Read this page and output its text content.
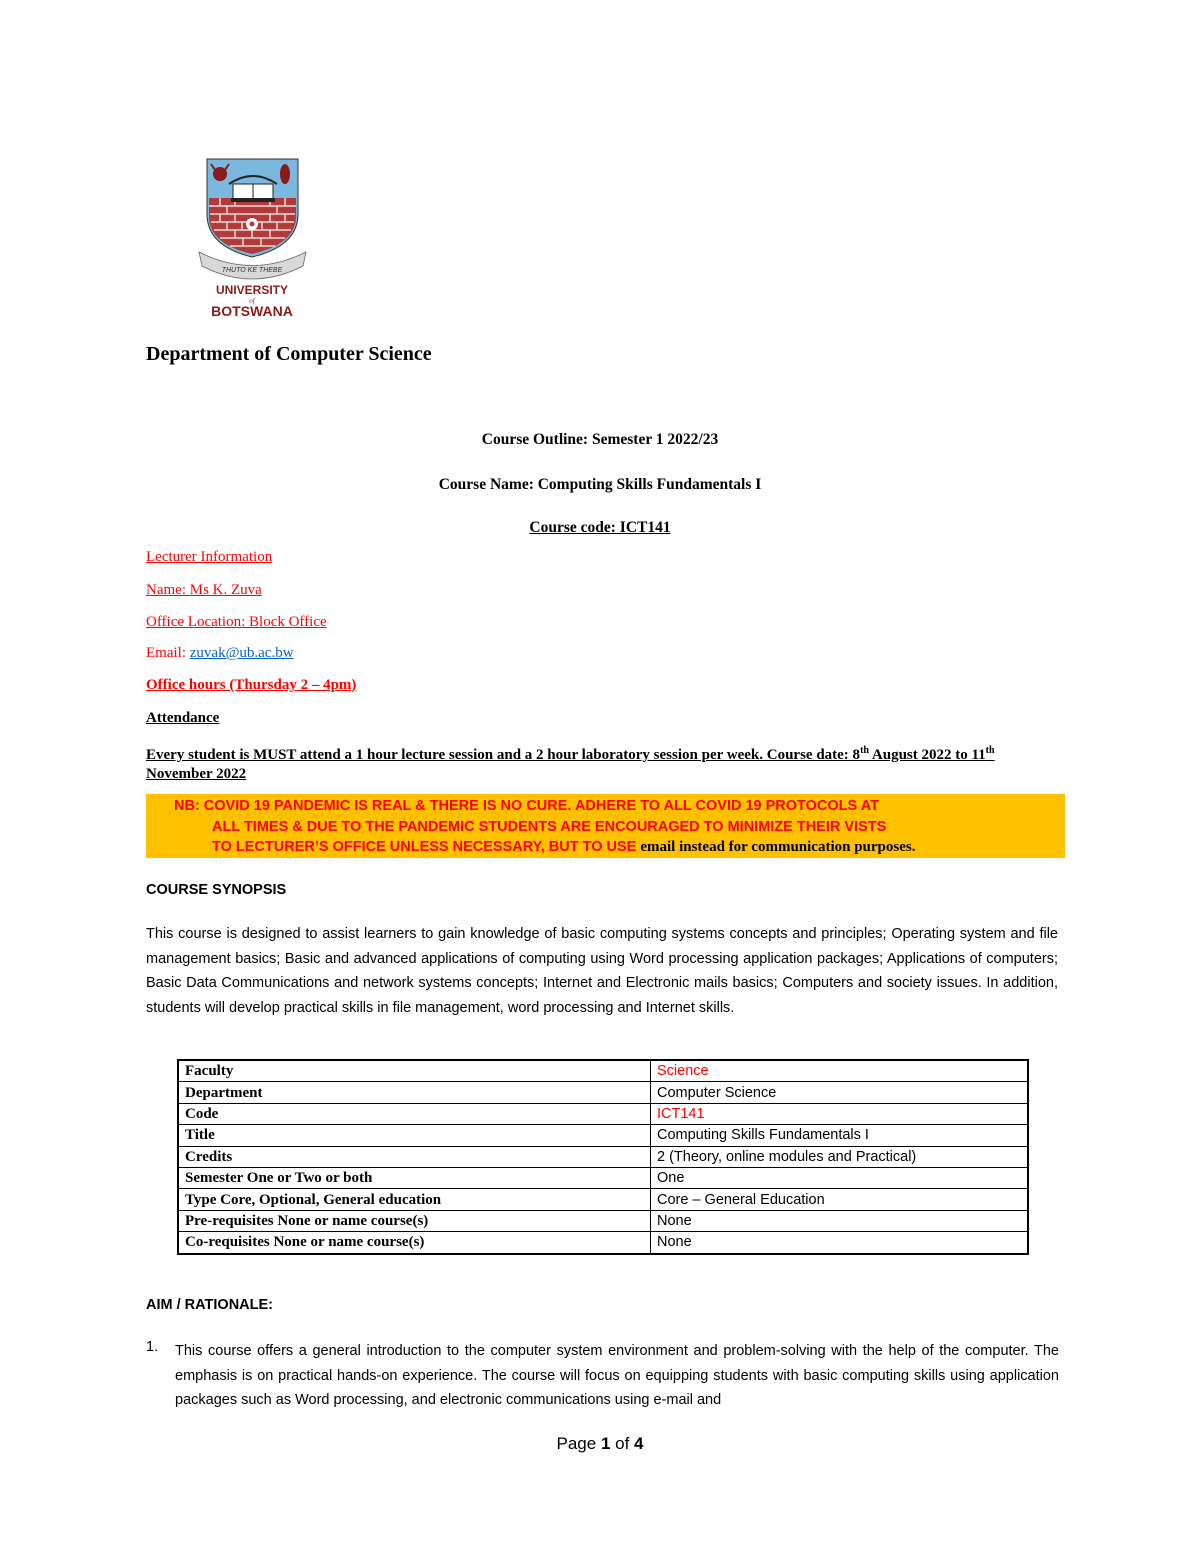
THUTO KE THEBE
UNIVERSITY
of
BOTSWANA
Department of Computer Science
Course Outline: Semester 1 2022/23
Course Name: Computing Skills Fundamentals I
Course code: ICT141
Lecturer Information
Name: Ms K. Zuva
Office Location: Block Office
Email: zuvak@ub.ac.bw
Office hours (Thursday 2 – 4pm)
Attendance
Every student is MUST attend a 1 hour lecture session and a 2 hour laboratory session per week. Course date: 8th August 2022 to 11th November 2022
NB: COVID 19 PANDEMIC IS REAL & THERE IS NO CURE. ADHERE TO ALL COVID 19 PROTOCOLS AT
ALL TIMES & DUE TO THE PANDEMIC STUDENTS ARE ENCOURAGED TO MINIMIZE THEIR VISTS
TO LECTURER’S OFFICE UNLESS NECESSARY, BUT TO USE email instead for communication purposes.
COURSE SYNOPSIS
This course is designed to assist learners to gain knowledge of basic computing systems concepts and principles; Operating system and file management basics; Basic and advanced applications of computing using Word processing application packages; Applications of computers; Basic Data Communications and network systems concepts; Internet and Electronic mails basics; Computers and society issues. In addition, students will develop practical skills in file management, word processing and Internet skills.
Faculty	Science
Department	Computer Science
Code	ICT141
Title	Computing Skills Fundamentals I
Credits	2 (Theory, online modules and Practical)
Semester One or Two or both	One
Type Core, Optional, General education	Core – General Education
Pre-requisites None or name course(s)	None
Co-requisites None or name course(s)	None
AIM / RATIONALE:
1. This course offers a general introduction to the computer system environment and problem-solving with the help of the computer. The emphasis is on practical hands-on experience. The course will focus on equipping students with basic computing skills using application packages such as Word processing, and electronic communications using e-mail and
Page 1 of 4
